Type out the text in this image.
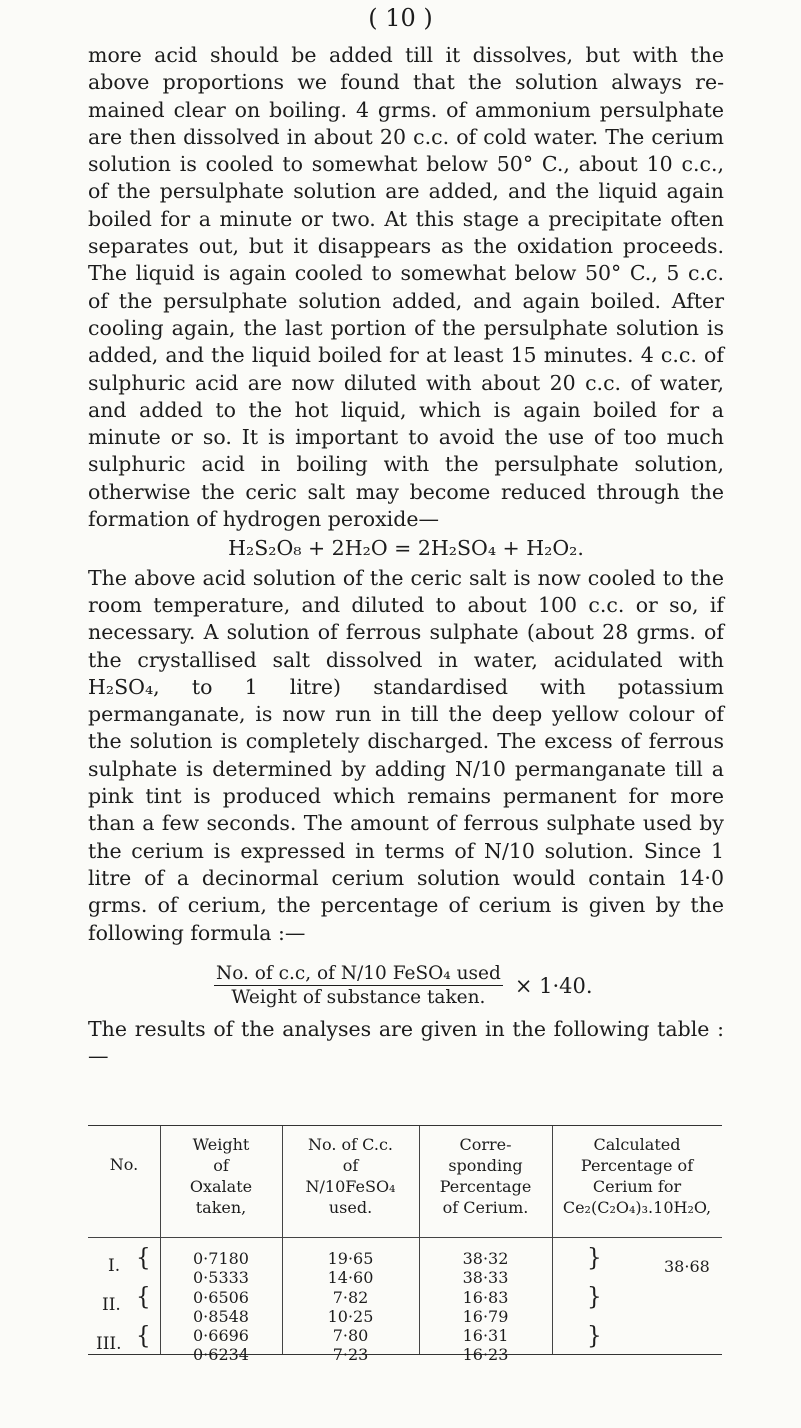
( 10 )

more acid should be added till it dissolves, but with the above proportions we found that the solution always re-mained clear on boiling. 4 grms. of ammonium persulphate are then dissolved in about 20 c.c. of cold water. The cerium solution is cooled to somewhat below 50° C., about 10 c.c., of the persulphate solution are added, and the liquid again boiled for a minute or two. At this stage a precipitate often separates out, but it disappears as the oxidation proceeds. The liquid is again cooled to somewhat below 50° C., 5 c.c. of the persulphate solution added, and again boiled. After cooling again, the last portion of the persulphate solution is added, and the liquid boiled for at least 15 minutes. 4 c.c. of sulphuric acid are now diluted with about 20 c.c. of water, and added to the hot liquid, which is again boiled for a minute or so. It is important to avoid the use of too much sulphuric acid in boiling with the persulphate solution, otherwise the ceric salt may become reduced through the formation of hydrogen peroxide—

H₂S₂O₈ + 2H₂O = 2H₂SO₄ + H₂O₂.

The above acid solution of the ceric salt is now cooled to the room temperature, and diluted to about 100 c.c. or so, if necessary. A solution of ferrous sulphate (about 28 grms. of the crystallised salt dissolved in water, acidulated with H₂SO₄, to 1 litre) standardised with potassium permanganate, is now run in till the deep yellow colour of the solution is completely discharged. The excess of ferrous sulphate is determined by adding N/10 permanganate till a pink tint is produced which remains permanent for more than a few seconds. The amount of ferrous sulphate used by the cerium is expressed in terms of N/10 solution. Since 1 litre of a decinormal cerium solution would contain 14·0 grms. of cerium, the percentage of cerium is given by the following formula :—

$\frac{\text{No. of c.c, of N/10 FeSO₄ used}}{\text{Weight of substance taken.}} \times 1\cdot 40$.
The results of the analyses are given in the following table :—
No.
Weight
of
Oxalate
taken,
No. of C.c.
of
N/10FeSO₄
used.
Corre-
sponding
Percentage
of Cerium.
Calculated
Percentage of
Cerium for
Ce₂(C₂O₄)₃.10H₂O,
I. {
II. {
III. {
0·7180
0·5333
0·6506
0·8548
0·6696
0·6234
19·65
14·60
7·82
10·25
7·80
7·23
38·32
38·33
16·83
16·79
16·31
16·23
}
}
}
38·68
